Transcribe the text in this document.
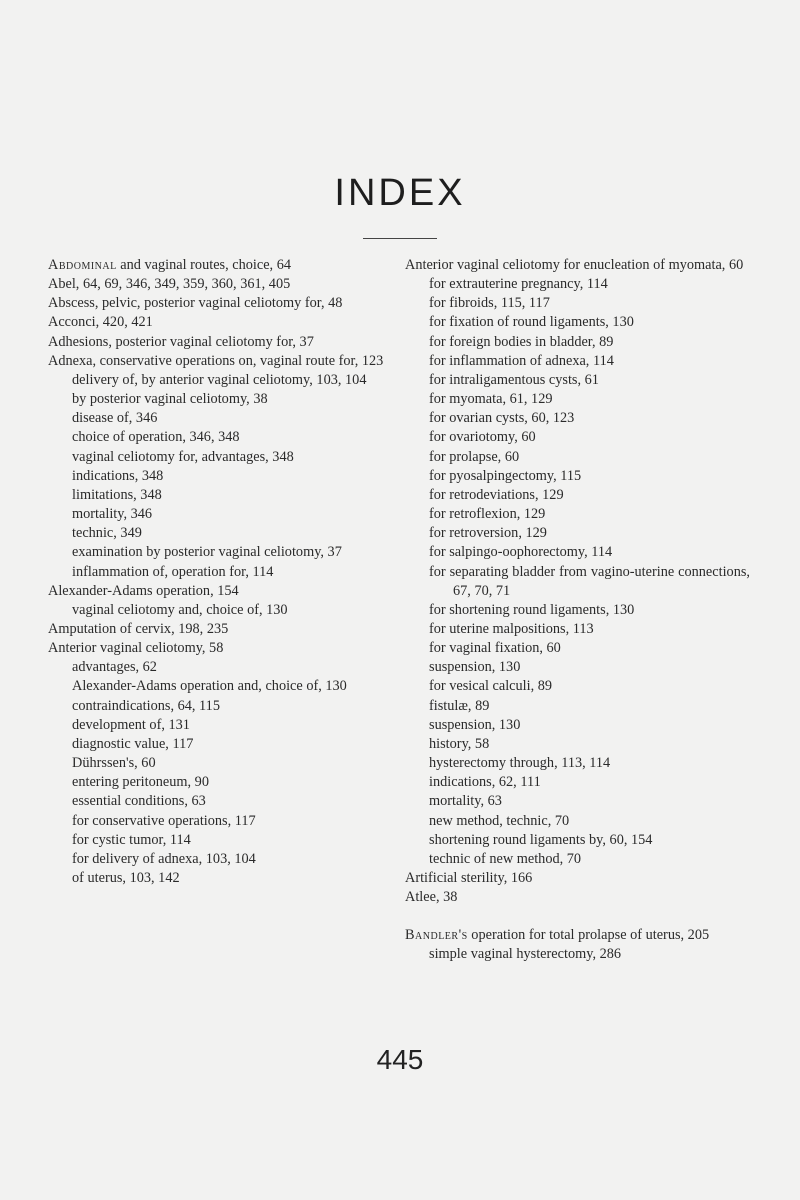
INDEX

Abdominal and vaginal routes, choice, 64

Abel, 64, 69, 346, 349, 359, 360, 361, 405

Abscess, pelvic, posterior vaginal celiotomy for, 48

Acconci, 420, 421

Adhesions, posterior vaginal celiotomy for, 37

Adnexa, conservative operations on, vaginal route for, 123

delivery of, by anterior vaginal celiotomy, 103, 104

by posterior vaginal celiotomy, 38

disease of, 346

choice of operation, 346, 348

vaginal celiotomy for, advantages, 348

indications, 348

limitations, 348

mortality, 346

technic, 349

examination by posterior vaginal celiotomy, 37

inflammation of, operation for, 114

Alexander-Adams operation, 154

vaginal celiotomy and, choice of, 130

Amputation of cervix, 198, 235

Anterior vaginal celiotomy, 58

advantages, 62

Alexander-Adams operation and, choice of, 130

contraindications, 64, 115

development of, 131

diagnostic value, 117

Dührssen's, 60

entering peritoneum, 90

essential conditions, 63

for conservative operations, 117

for cystic tumor, 114

for delivery of adnexa, 103, 104

of uterus, 103, 142

Anterior vaginal celiotomy for enucleation of myomata, 60

for extrauterine pregnancy, 114

for fibroids, 115, 117

for fixation of round ligaments, 130

for foreign bodies in bladder, 89

for inflammation of adnexa, 114

for intraligamentous cysts, 61

for myomata, 61, 129

for ovarian cysts, 60, 123

for ovariotomy, 60

for prolapse, 60

for pyosalpingectomy, 115

for retrodeviations, 129

for retroflexion, 129

for retroversion, 129

for salpingo-oophorectomy, 114

for separating bladder from vagino-uterine connections, 67, 70, 71

for shortening round ligaments, 130

for uterine malpositions, 113

for vaginal fixation, 60

suspension, 130

for vesical calculi, 89

fistulæ, 89

suspension, 130

history, 58

hysterectomy through, 113, 114

indications, 62, 111

mortality, 63

new method, technic, 70

shortening round ligaments by, 60, 154

technic of new method, 70

Artificial sterility, 166

Atlee, 38

Bandler's operation for total prolapse of uterus, 205

simple vaginal hysterectomy, 286

445
